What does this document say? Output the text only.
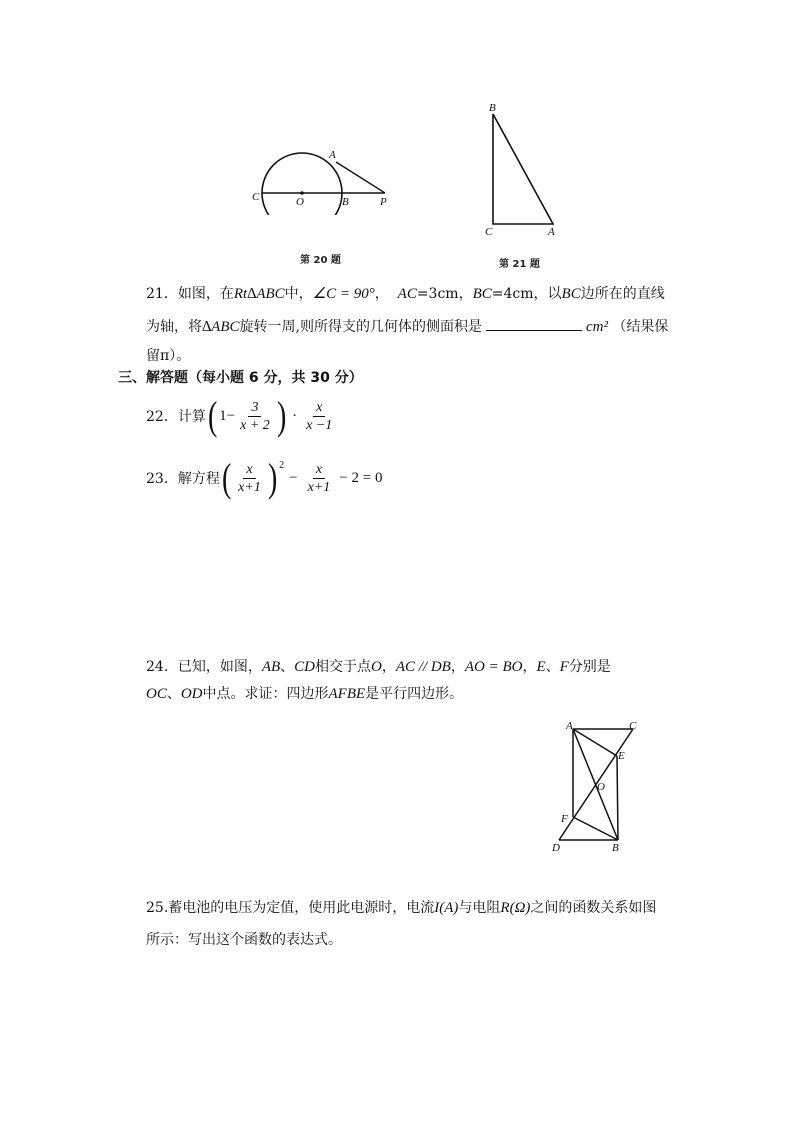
C	O	B
A
P
第 20 题
B
C	A
第 21 题
21．如图，在Rt∆ABC中，∠C = 90°， AC=3cm，BC=4cm，以BC边所在的直线
为轴，将∆ABC旋转一周,则所得支的几何体的侧面积是	cm² （结果保
留π）。
三、解答题（每小题 6 分，共 30 分）
22．计算 ( $1- \frac{3}{x + 2}$ ) · $\frac{x}{x -1}$
23．解方程 ( $\frac{x}{x+1} )^2$
− $\frac{x}{x+1} - 2 = 0$
24．已知，如图，AB、CD相交于点O，AC // DB，AO = BO，E、F分别是
OC、OD中点。求证：四边形AFBE是平行四边形。
A	C
E
O
F
D	B
25.蓄电池的电压为定值，使用此电源时，电流I(A)与电阻R(Ω)之间的函数关系如图
所示：写出这个函数的表达式。
